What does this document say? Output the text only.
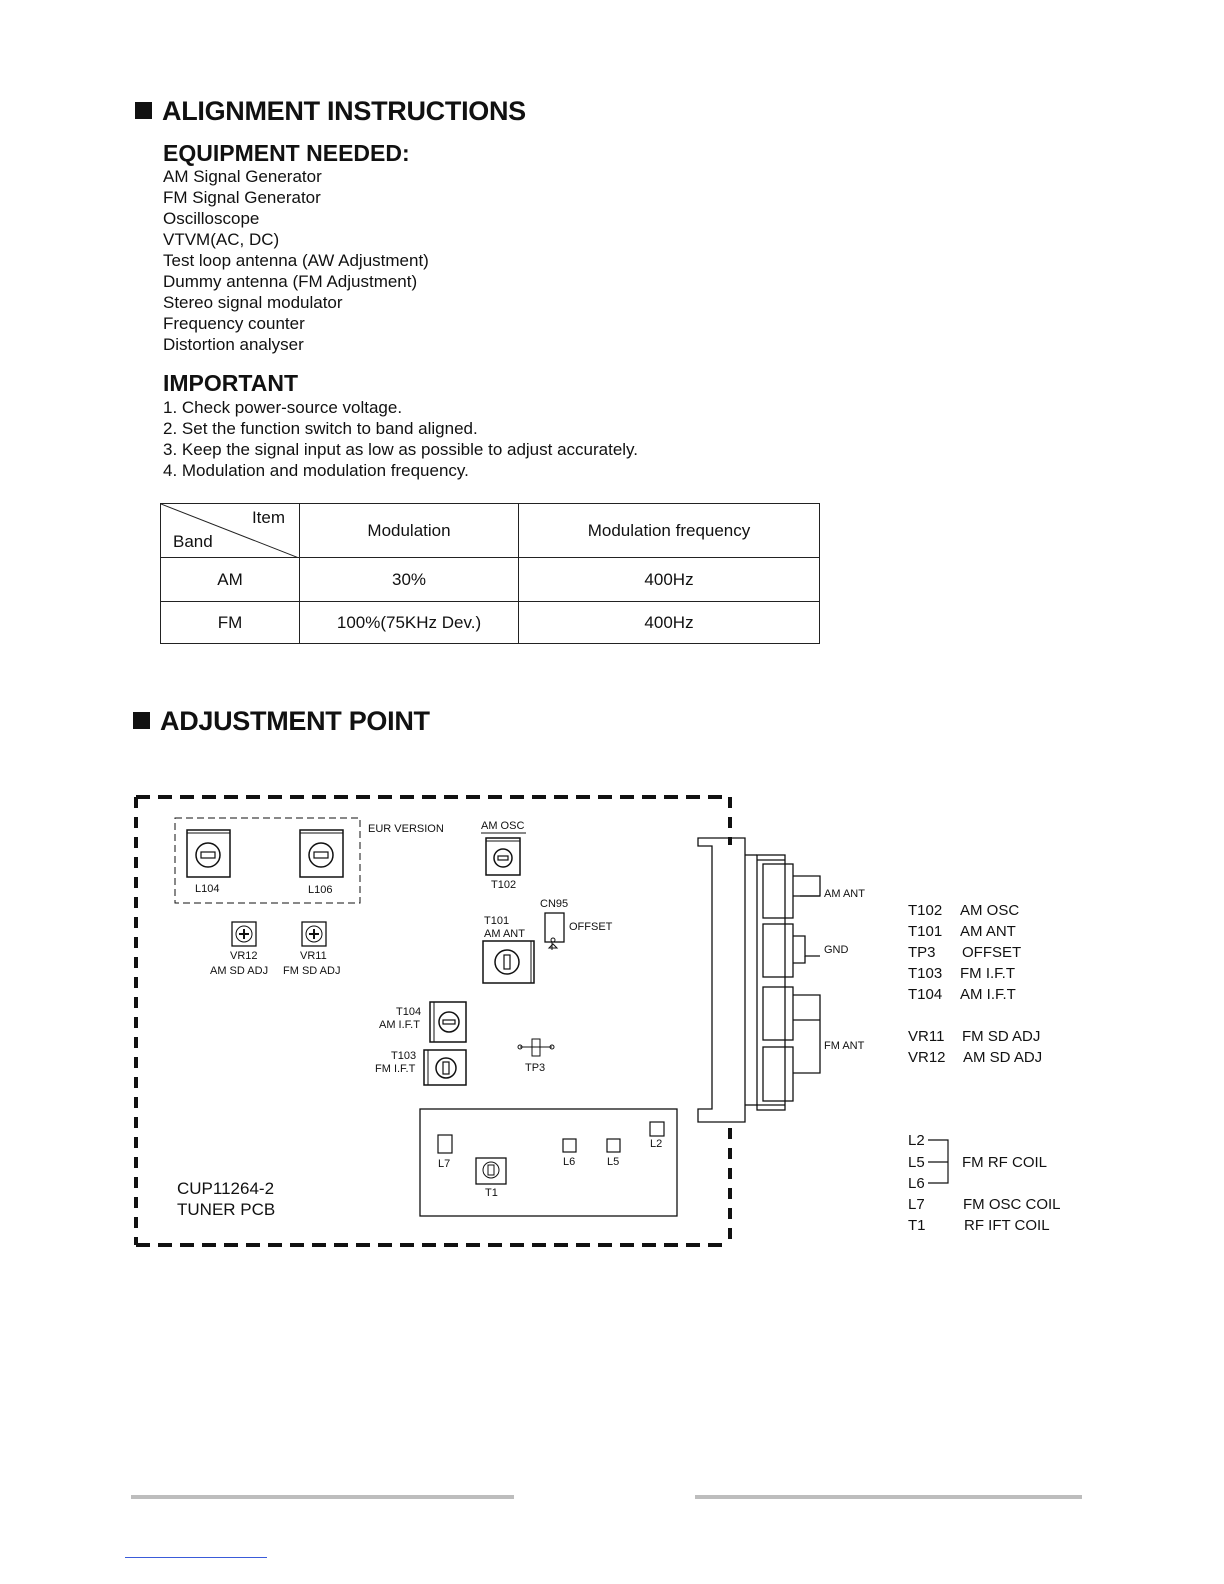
ALIGNMENT INSTRUCTIONS
EQUIPMENT NEEDED:
AM Signal Generator
FM Signal Generator
Oscilloscope
VTVM(AC, DC)
Test loop antenna (AW Adjustment)
Dummy antenna (FM Adjustment)
Stereo signal modulator
Frequency counter
Distortion analyser
IMPORTANT
1. Check power-source voltage.
2. Set the function switch to band aligned.
3. Keep the signal input as low as possible to adjust accurately.
4. Modulation and modulation frequency.
Item
Band	Modulation	Modulation frequency
AM	30%	400Hz
FM	100%(75KHz Dev.)	400Hz
ADJUSTMENT POINT
EUR VERSION
L104	L106
AM OSC
T102
CN95
OFFSET
T101
AM ANT
VR12
AM SD ADJ
VR11
FM SD ADJ
T104
AM I.F.T
T103
FM I.F.T	TP3
L7	L6	L5
L2
T1
CUP11264-2
TUNER PCB
AM ANT
GND
FM ANT
T102 AM OSC
T101 AM ANT
TP3 OFFSET
T103 FM I.F.T
T104 AM I.F.T
VR11 FM SD ADJ
VR12 AM SD ADJ
L2
L5 FM RF COIL
L6
L7	FM OSC COIL
T1	RF IFT COIL
